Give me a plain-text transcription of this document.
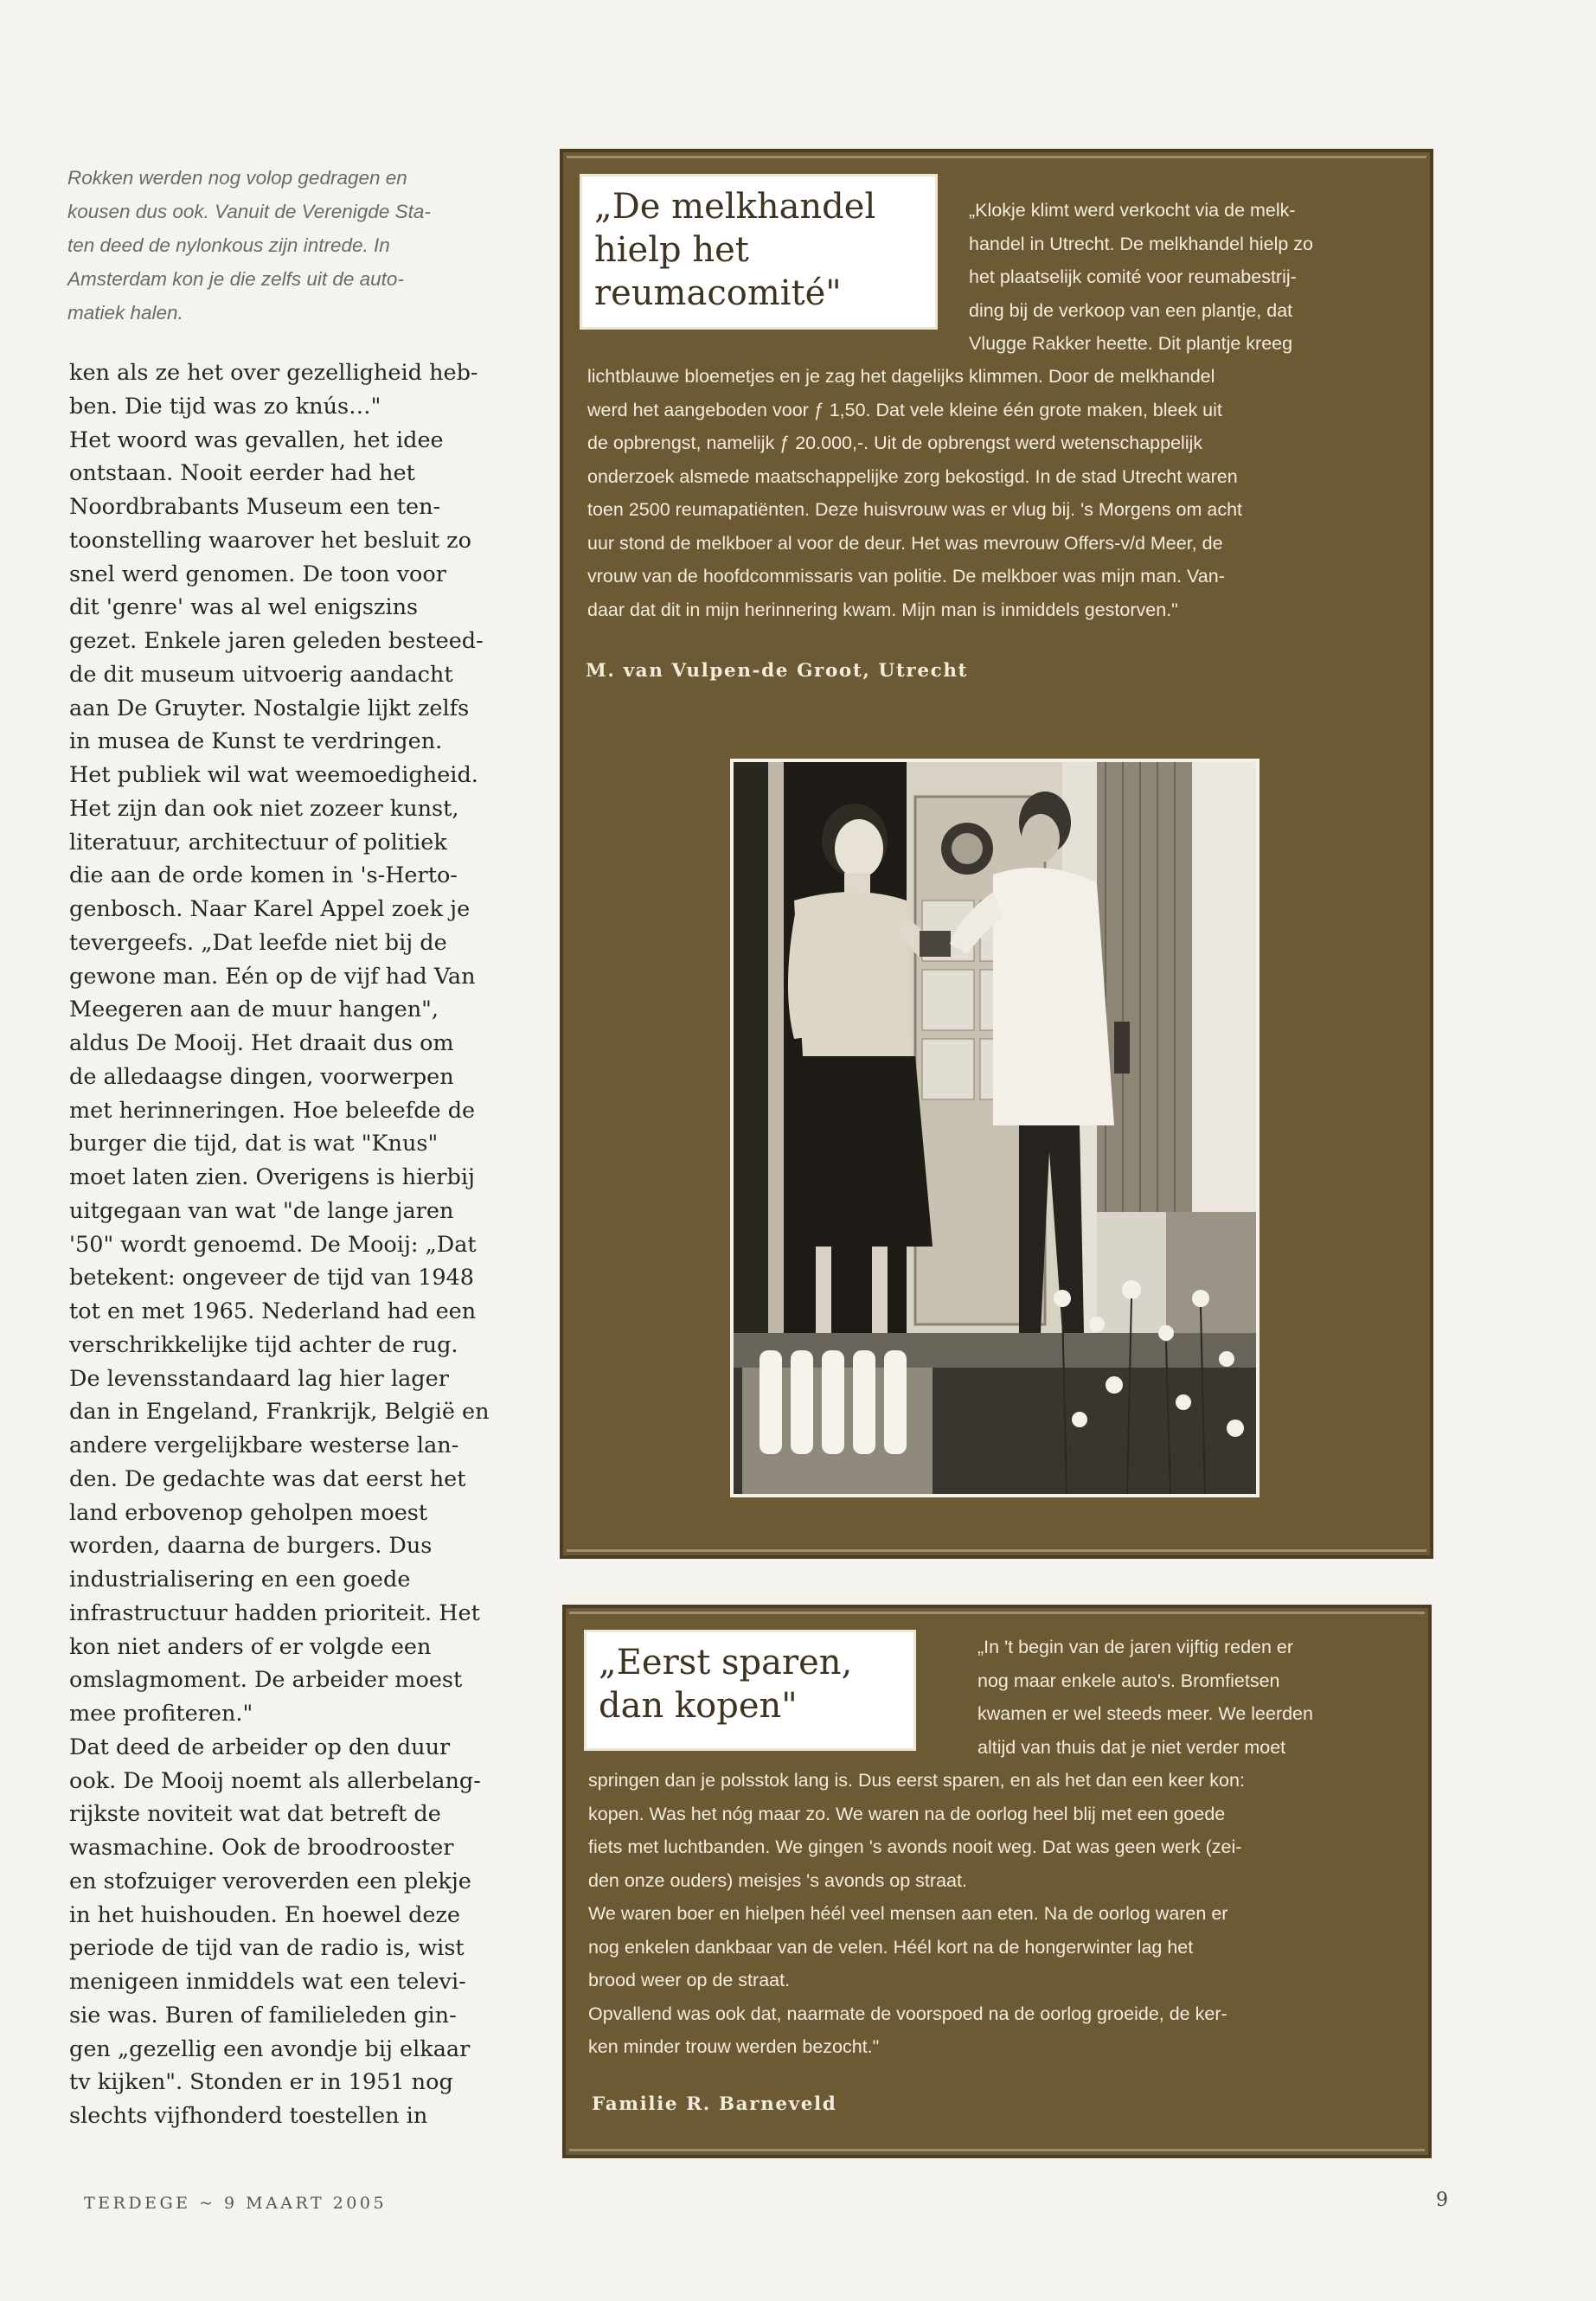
Rokken werden nog volop gedragen en
kousen dus ook. Vanuit de Verenigde Sta-
ten deed de nylonkous zijn intrede. In
Amsterdam kon je die zelfs uit de auto-
matiek halen.
ken als ze het over gezelligheid heb-
ben. Die tijd was zo knús…"
Het woord was gevallen, het idee
ontstaan. Nooit eerder had het
Noordbrabants Museum een ten-
toonstelling waarover het besluit zo
snel werd genomen. De toon voor
dit 'genre' was al wel enigszins
gezet. Enkele jaren geleden besteed-
de dit museum uitvoerig aandacht
aan De Gruyter. Nostalgie lijkt zelfs
in musea de Kunst te verdringen.
Het publiek wil wat weemoedigheid.
Het zijn dan ook niet zozeer kunst,
literatuur, architectuur of politiek
die aan de orde komen in 's-Herto-
genbosch. Naar Karel Appel zoek je
tevergeefs. „Dat leefde niet bij de
gewone man. Eén op de vijf had Van
Meegeren aan de muur hangen",
aldus De Mooij. Het draait dus om
de alledaagse dingen, voorwerpen
met herinneringen. Hoe beleefde de
burger die tijd, dat is wat "Knus"
moet laten zien. Overigens is hierbij
uitgegaan van wat "de lange jaren
'50" wordt genoemd. De Mooij: „Dat
betekent: ongeveer de tijd van 1948
tot en met 1965. Nederland had een
verschrikkelijke tijd achter de rug.
De levensstandaard lag hier lager
dan in Engeland, Frankrijk, België en
andere vergelijkbare westerse lan-
den. De gedachte was dat eerst het
land erbovenop geholpen moest
worden, daarna de burgers. Dus
industrialisering en een goede
infrastructuur hadden prioriteit. Het
kon niet anders of er volgde een
omslagmoment. De arbeider moest
mee profiteren."
Dat deed de arbeider op den duur
ook. De Mooij noemt als allerbelang-
rijkste noviteit wat dat betreft de
wasmachine. Ook de broodrooster
en stofzuiger veroverden een plekje
in het huishouden. En hoewel deze
periode de tijd van de radio is, wist
menigeen inmiddels wat een televi-
sie was. Buren of familieleden gin-
gen „gezellig een avondje bij elkaar
tv kijken". Stonden er in 1951 nog
slechts vijfhonderd toestellen in
„De melkhandel
hielp het
reumacomité"
„Klokje klimt werd verkocht via de melk-
handel in Utrecht. De melkhandel hielp zo
het plaatselijk comité voor reumabestrij-
ding bij de verkoop van een plantje, dat
Vlugge Rakker heette. Dit plantje kreeg
lichtblauwe bloemetjes en je zag het dagelijks klimmen. Door de melkhandel
werd het aangeboden voor ƒ 1,50. Dat vele kleine één grote maken, bleek uit
de opbrengst, namelijk ƒ 20.000,-. Uit de opbrengst werd wetenschappelijk
onderzoek alsmede maatschappelijke zorg bekostigd. In de stad Utrecht waren
toen 2500 reumapatiënten. Deze huisvrouw was er vlug bij. 's Morgens om acht
uur stond de melkboer al voor de deur. Het was mevrouw Offers-v/d Meer, de
vrouw van de hoofdcommissaris van politie. De melkboer was mijn man. Van-
daar dat dit in mijn herinnering kwam. Mijn man is inmiddels gestorven."
M. van Vulpen-de Groot, Utrecht
„Eerst sparen,
dan kopen"
„In 't begin van de jaren vijftig reden er
nog maar enkele auto's. Bromfietsen
kwamen er wel steeds meer. We leerden
altijd van thuis dat je niet verder moet
springen dan je polsstok lang is. Dus eerst sparen, en als het dan een keer kon:
kopen. Was het nóg maar zo. We waren na de oorlog heel blij met een goede
fiets met luchtbanden. We gingen 's avonds nooit weg. Dat was geen werk (zei-
den onze ouders) meisjes 's avonds op straat.
We waren boer en hielpen héél veel mensen aan eten. Na de oorlog waren er
nog enkelen dankbaar van de velen. Héél kort na de hongerwinter lag het
brood weer op de straat.
Opvallend was ook dat, naarmate de voorspoed na de oorlog groeide, de ker-
ken minder trouw werden bezocht."
Familie R. Barneveld
TERDEGE ~ 9 MAART 2005	9
